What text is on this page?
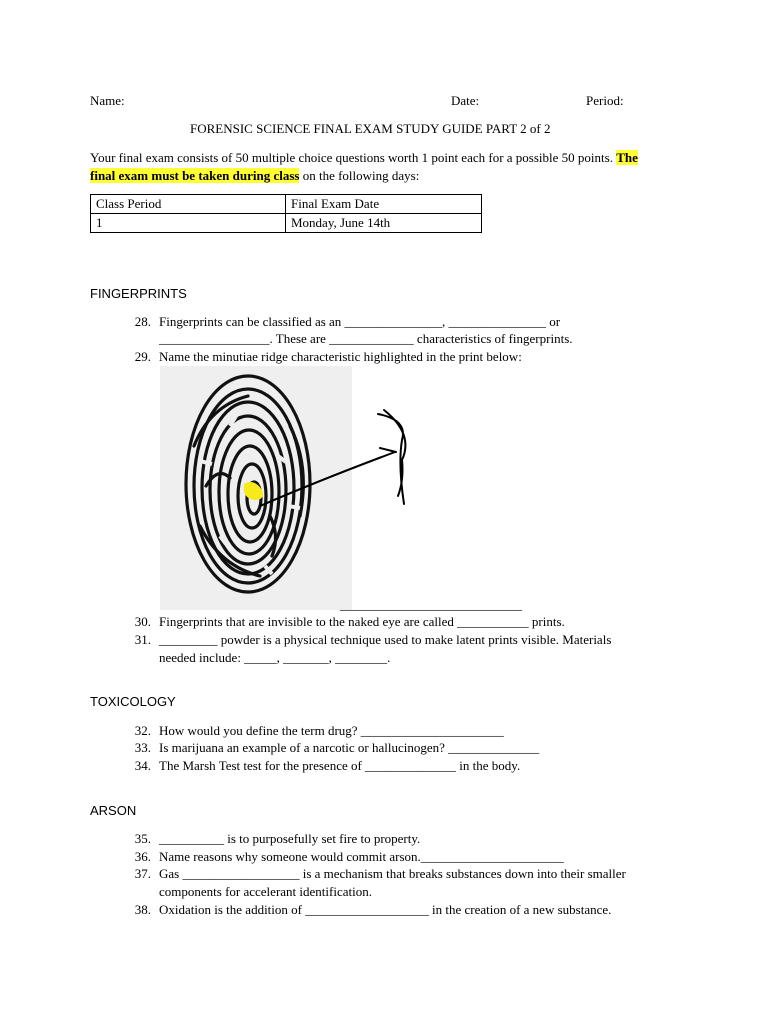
Name:	Date:	Period:
FORENSIC SCIENCE FINAL EXAM STUDY GUIDE PART 2 of 2
Your final exam consists of 50 multiple choice questions worth 1 point each for a possible 50 points. The
final exam must be taken during class on the following days:
Class Period	Final Exam Date
1	Monday, June 14th
FINGERPRINTS
28. Fingerprints can be classified as an _______________, _______________ or
_________________. These are _____________ characteristics of fingerprints.
29. Name the minutiae ridge characteristic highlighted in the print below:
____________________________
30. Fingerprints that are invisible to the naked eye are called ___________ prints.
31. _________ powder is a physical technique used to make latent prints visible. Materials
needed include: _____, _______, ________.
TOXICOLOGY
32. How would you define the term drug? ______________________
33. Is marijuana an example of a narcotic or hallucinogen? ______________
34. The Marsh Test test for the presence of ______________ in the body.
ARSON
35. __________ is to purposefully set fire to property.
36. Name reasons why someone would commit arson.______________________
37. Gas __________________ is a mechanism that breaks substances down into their smaller
components for accelerant identification.
38. Oxidation is the addition of ___________________ in the creation of a new substance.
